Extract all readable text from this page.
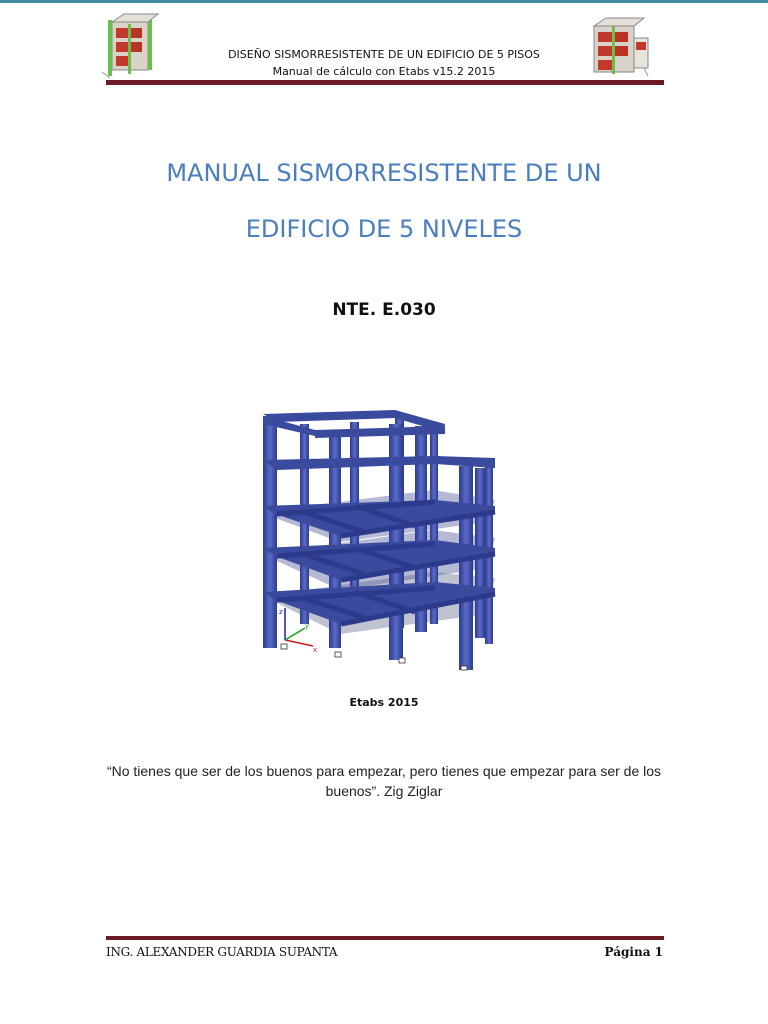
DISEÑO SISMORRESISTENTE DE UN EDIFICIO DE 5 PISOS
Manual de cálculo con Etabs v15.2 2015
MANUAL SISMORRESISTENTE DE UN
EDIFICIO DE 5 NIVELES
NTE. E.030
z
x
y
Etabs 2015
“No tienes que ser de los buenos para empezar, pero tienes que empezar para ser de los buenos”. Zig Ziglar
ING. ALEXANDER GUARDIA SUPANTA	Página 1
